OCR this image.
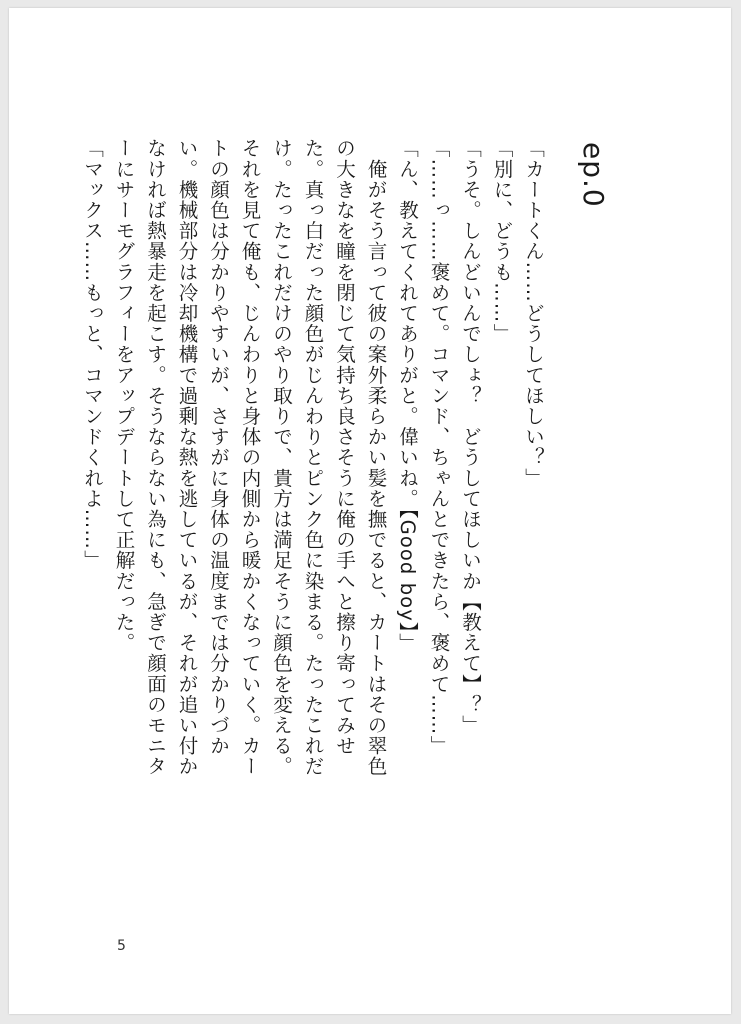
ep.0

「カートくん……どうしてほしい？」

「別に、どうも……」

「うそ。しんどいんでしょ？　どうしてほしいか【教えて】？」

「……っ……褒めて。コマンド、ちゃんとできたら、褒めて……」

「ん、教えてくれてありがと。偉いね。【Good boy】」

　俺がそう言って彼の案外柔らかい髪を撫でると、カートはその翠色の大きなを瞳を閉じて気持ち良さそうに俺の手へと擦り寄ってみせた。真っ白だった顔色がじんわりとピンク色に染まる。たったこれだけ。たったこれだけのやり取りで、貴方は満足そうに顔色を変える。それを見て俺も、じんわりと身体の内側から暖かくなっていく。カートの顔色は分かりやすいが、さすがに身体の温度までは分かりづかい。機械部分は冷却機構で過剰な熱を逃しているが、それが追い付かなければ熱暴走を起こす。そうならない為にも、急ぎで顔面のモニターにサーモグラフィーをアップデートして正解だった。

「マックス……もっと、コマンドくれよ……」

5
